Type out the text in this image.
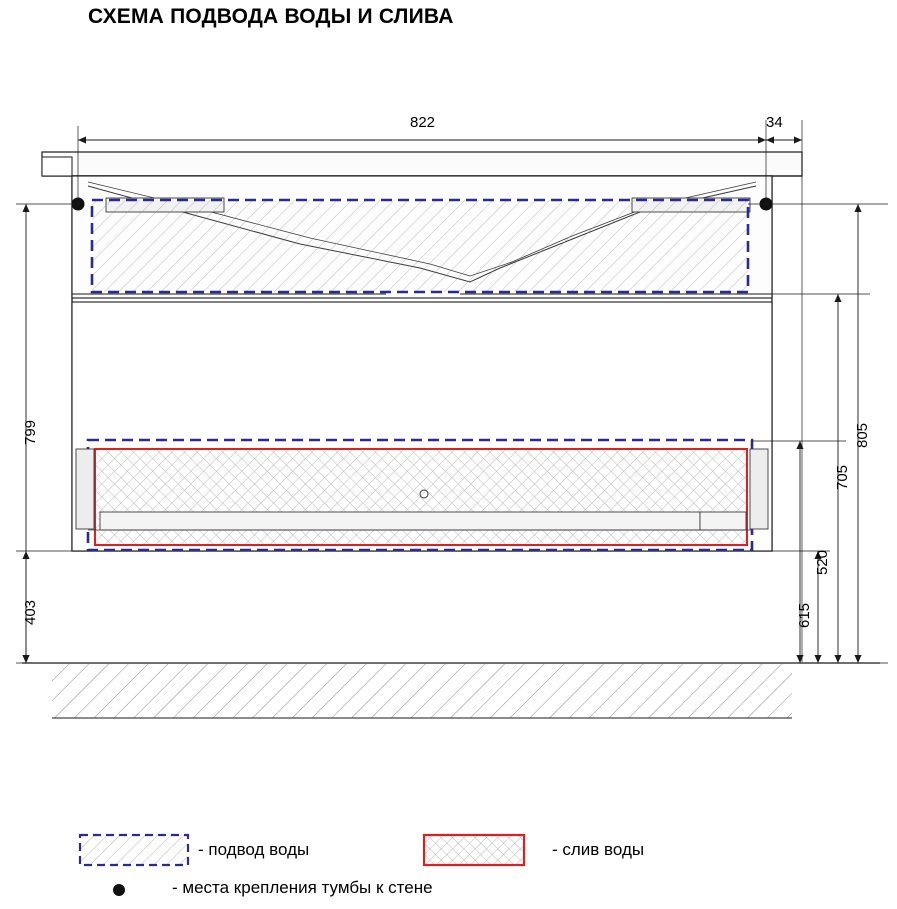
СХЕМА ПОДВОДА ВОДЫ И СЛИВА
822	34
799
403
805
705
615
520
- подвод воды	- слив воды
- места крепления тумбы к стене
